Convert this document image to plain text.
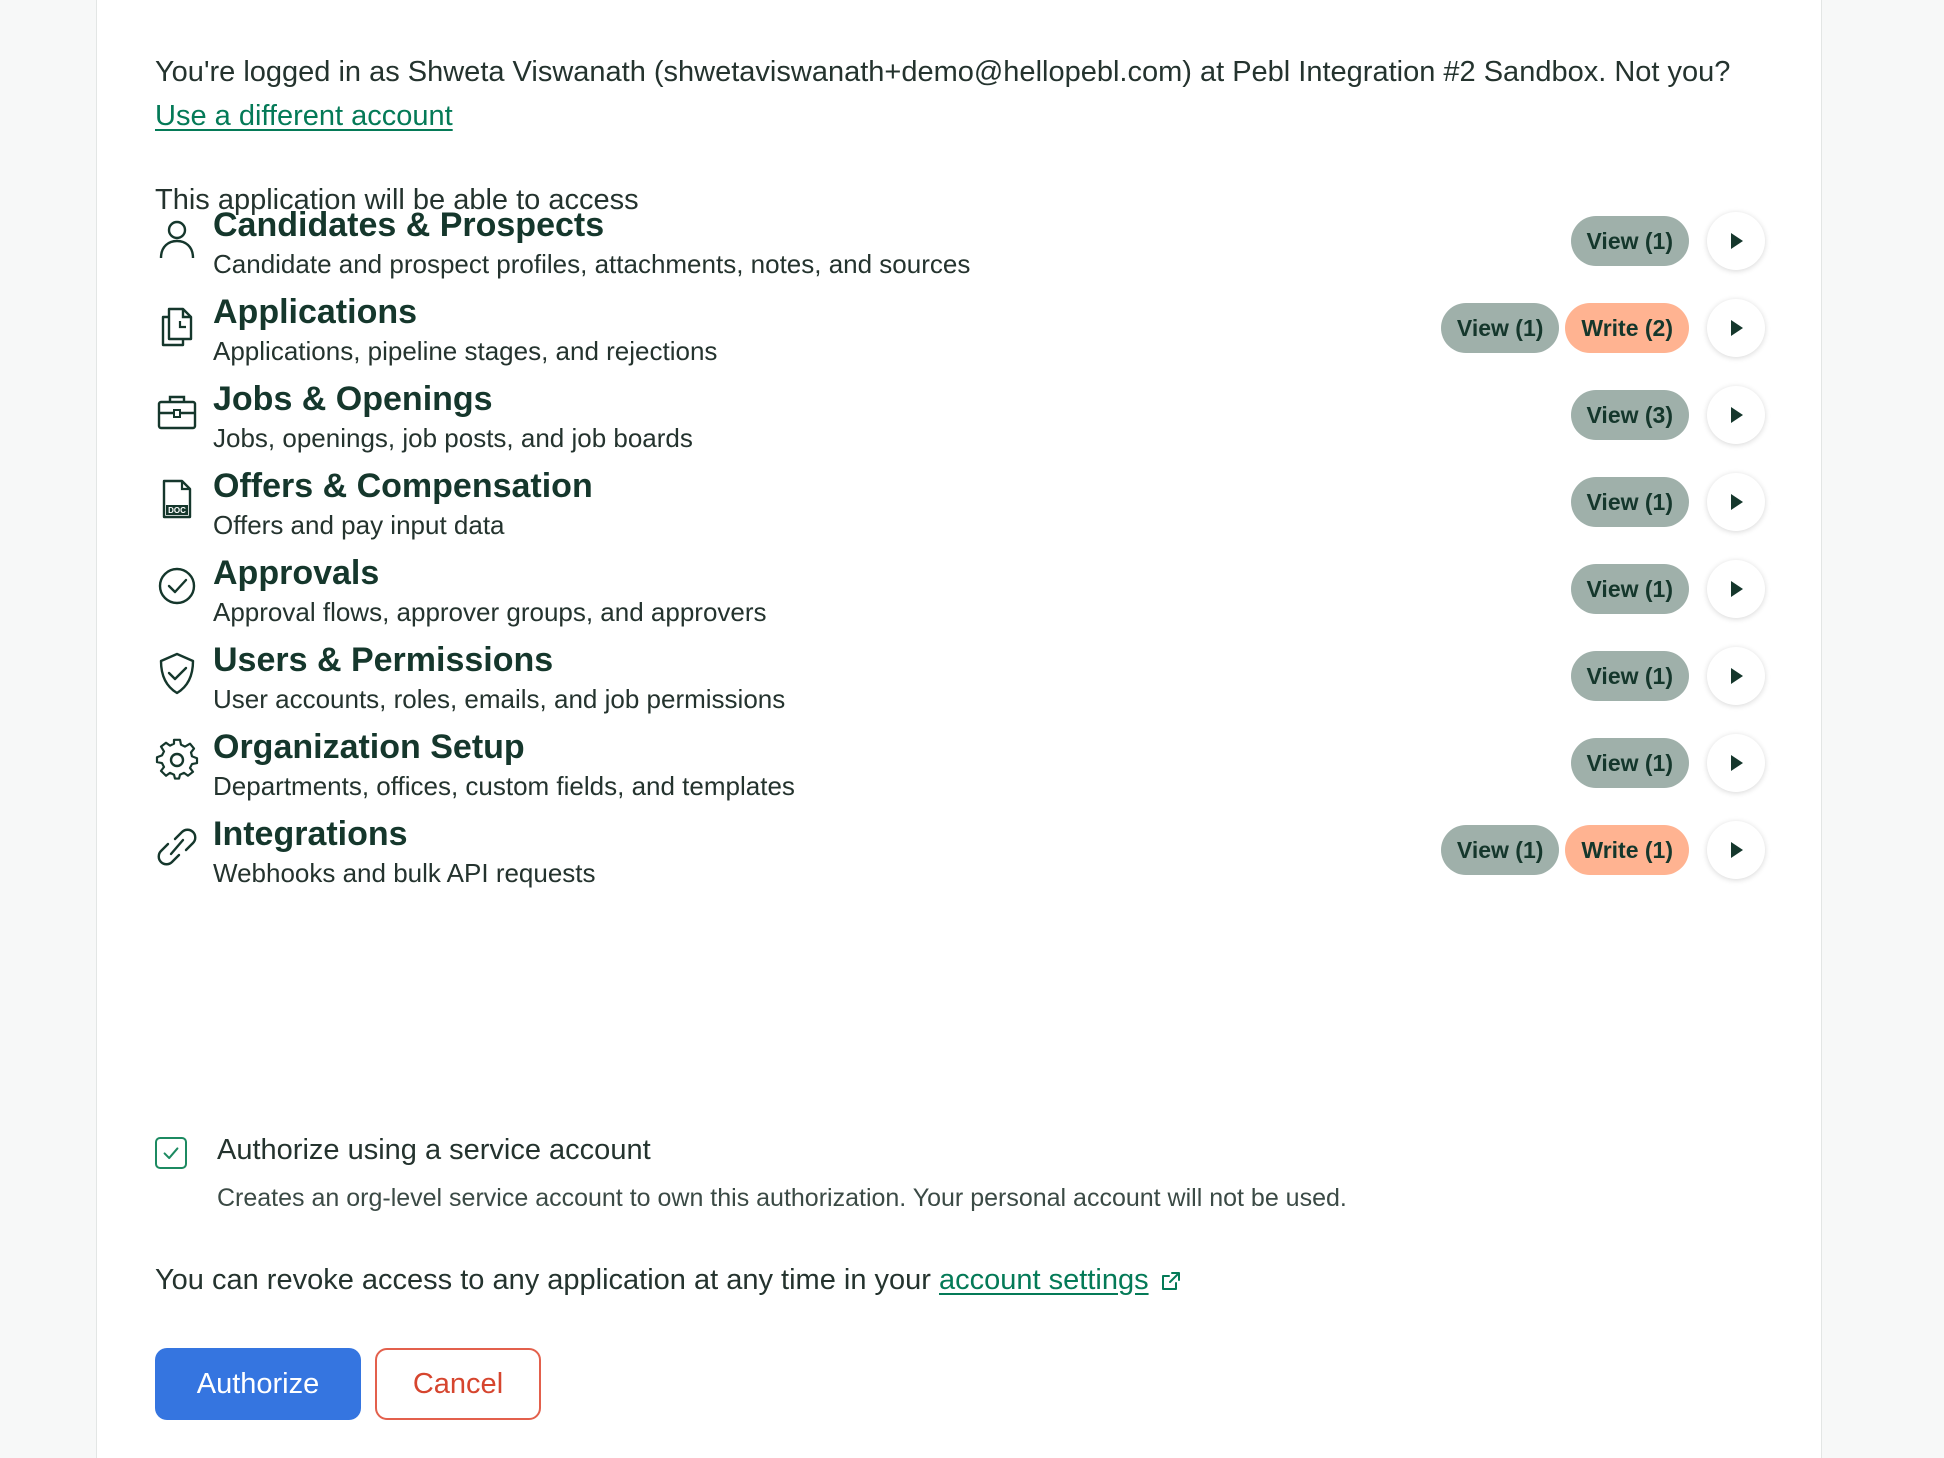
You're logged in as Shweta Viswanath (shwetaviswanath+demo@hellopebl.com) at Pebl Integration #2 Sandbox. Not you? Use a different account
This application will be able to access
Candidates & Prospects
Candidate and prospect profiles, attachments, notes, and sources
View (1)
Applications
Applications, pipeline stages, and rejections
View (1)	Write (2)
Jobs & Openings
Jobs, openings, job posts, and job boards
View (3)
DOC
Offers & Compensation
Offers and pay input data
View (1)
Approvals
Approval flows, approver groups, and approvers
View (1)
Users & Permissions
User accounts, roles, emails, and job permissions
View (1)
Organization Setup
Departments, offices, custom fields, and templates
View (1)
Integrations
Webhooks and bulk API requests
View (1)	Write (1)
Authorize using a service account
Creates an org-level service account to own this authorization. Your personal account will not be used.
You can revoke access to any application at any time in your
account settings
Authorize	Cancel
